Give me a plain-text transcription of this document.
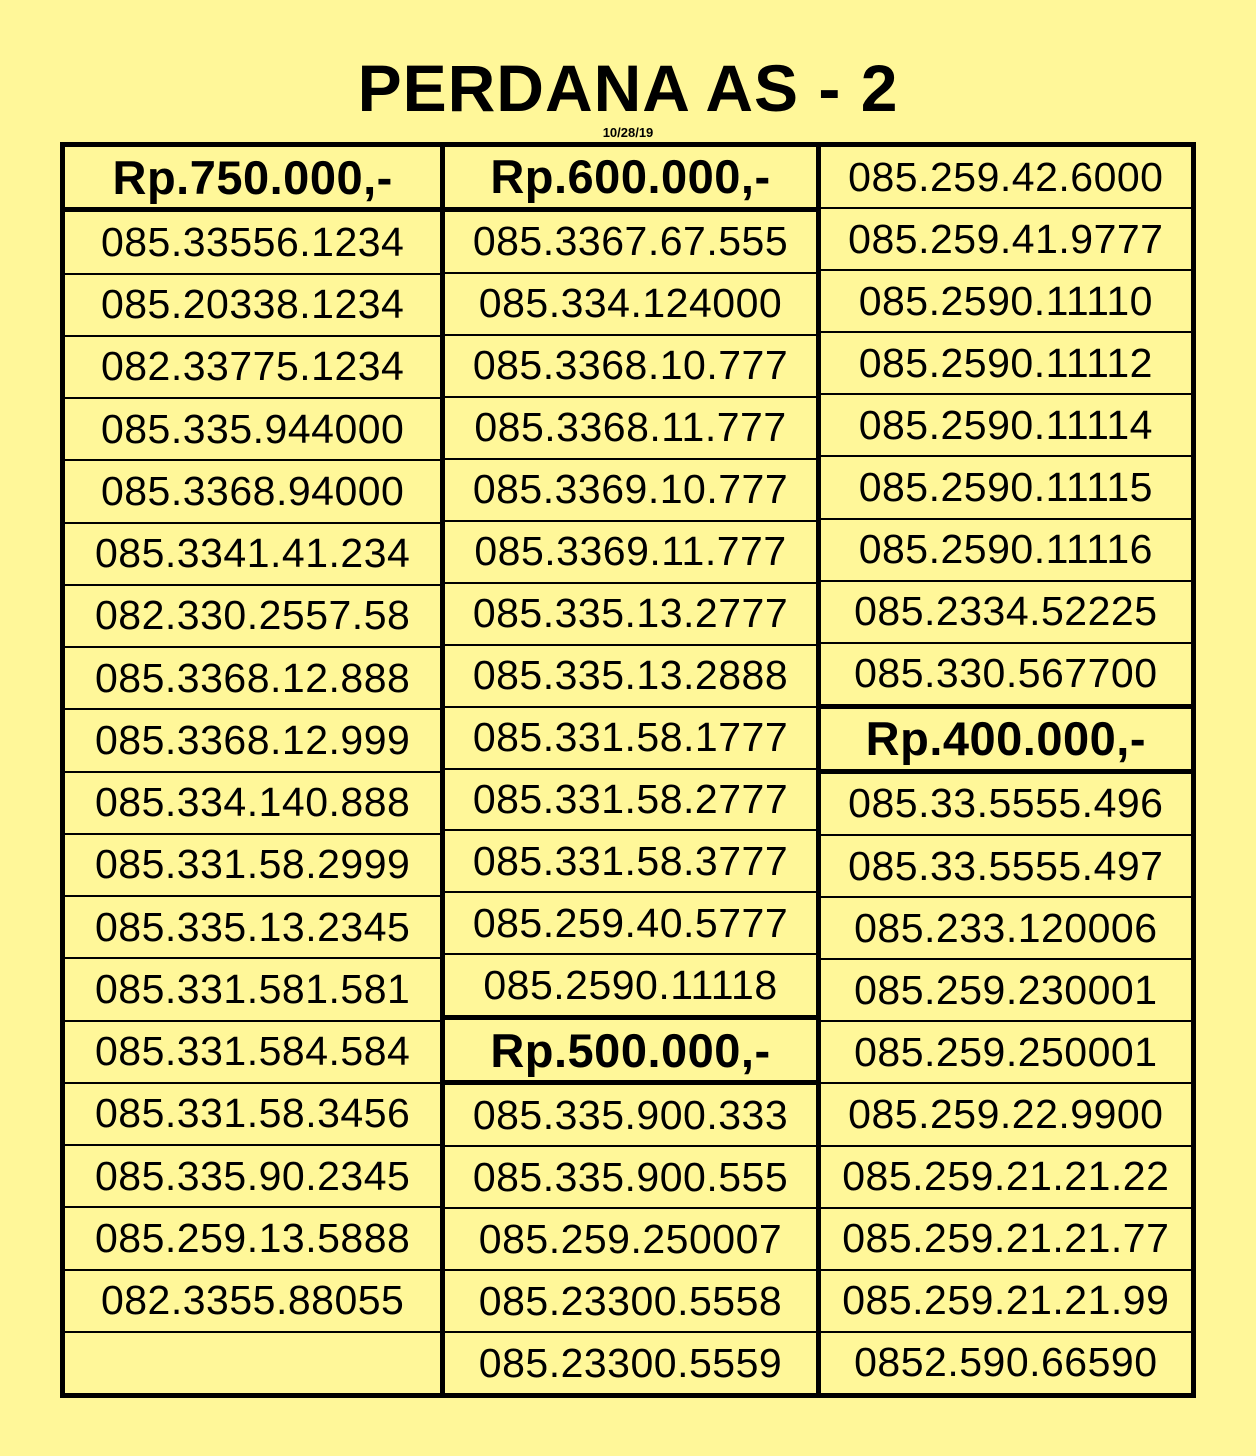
PERDANA AS - 2
10/28/19
Rp.750.000,-
085.33556.1234
085.20338.1234
082.33775.1234
085.335.944000
085.3368.94000
085.3341.41.234
082.330.2557.58
085.3368.12.888
085.3368.12.999
085.334.140.888
085.331.58.2999
085.335.13.2345
085.331.581.581
085.331.584.584
085.331.58.3456
085.335.90.2345
085.259.13.5888
082.3355.88055
Rp.600.000,-
085.3367.67.555
085.334.124000
085.3368.10.777
085.3368.11.777
085.3369.10.777
085.3369.11.777
085.335.13.2777
085.335.13.2888
085.331.58.1777
085.331.58.2777
085.331.58.3777
085.259.40.5777
085.2590.11118
Rp.500.000,-
085.335.900.333
085.335.900.555
085.259.250007
085.23300.5558
085.23300.5559
085.259.42.6000
085.259.41.9777
085.2590.11110
085.2590.11112
085.2590.11114
085.2590.11115
085.2590.11116
085.2334.52225
085.330.567700
Rp.400.000,-
085.33.5555.496
085.33.5555.497
085.233.120006
085.259.230001
085.259.250001
085.259.22.9900
085.259.21.21.22
085.259.21.21.77
085.259.21.21.99
0852.590.66590
